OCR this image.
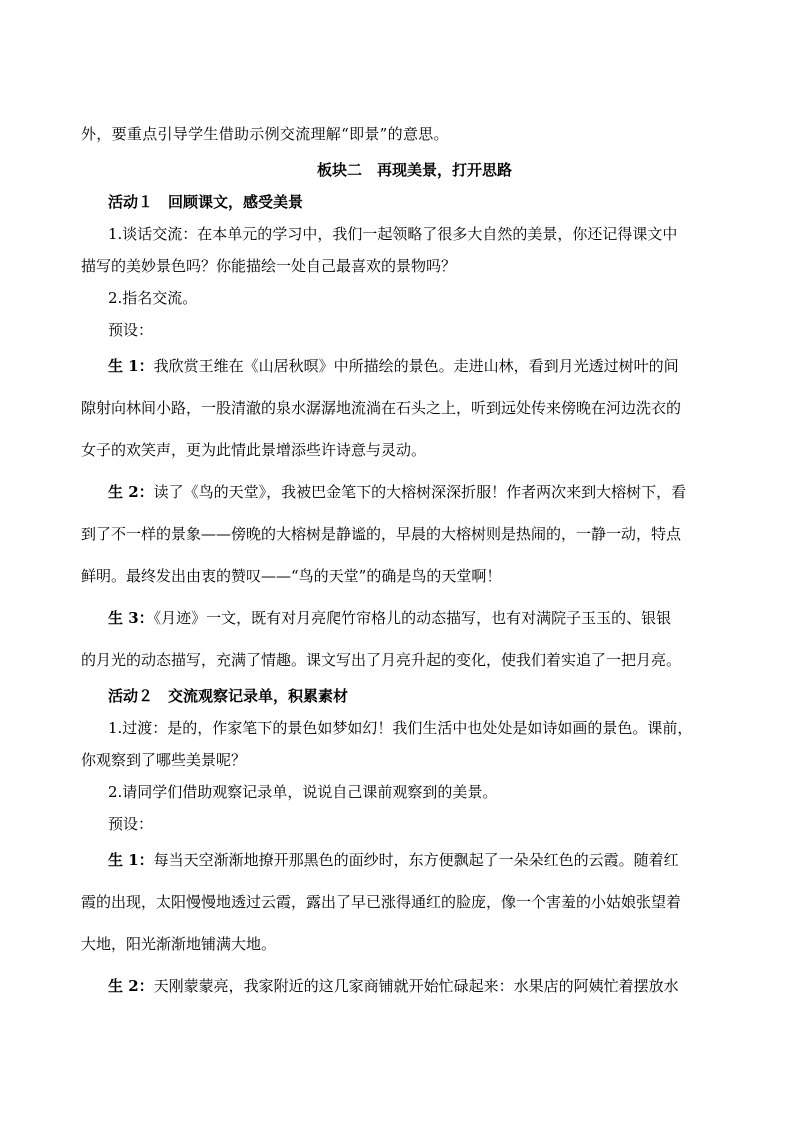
外，要重点引导学生借助示例交流理解“即景”的意思。
板块二　再现美景，打开思路
活动１　回顾课文，感受美景
1.谈话交流：在本单元的学习中，我们一起领略了很多大自然的美景，你还记得课文中
描写的美妙景色吗？你能描绘一处自己最喜欢的景物吗？
2.指名交流。
预设：
生 1：我欣赏王维在《山居秋暝》中所描绘的景色。走进山林，看到月光透过树叶的间
隙射向林间小路，一股清澈的泉水潺潺地流淌在石头之上，听到远处传来傍晚在河边洗衣的
女子的欢笑声，更为此情此景增添些许诗意与灵动。
生 2：读了《鸟的天堂》，我被巴金笔下的大榕树深深折服！作者两次来到大榕树下，看
到了不一样的景象——傍晚的大榕树是静谧的，早晨的大榕树则是热闹的，一静一动，特点
鲜明。最终发出由衷的赞叹——“鸟的天堂”的确是鸟的天堂啊！
生 3：《月迹》一文，既有对月亮爬竹帘格儿的动态描写，也有对满院子玉玉的、银银
的月光的动态描写，充满了情趣。课文写出了月亮升起的变化，使我们着实追了一把月亮。
活动２　交流观察记录单，积累素材
1.过渡：是的，作家笔下的景色如梦如幻！我们生活中也处处是如诗如画的景色。课前，
你观察到了哪些美景呢？
2.请同学们借助观察记录单，说说自己课前观察到的美景。
预设：
生 1：每当天空渐渐地撩开那黑色的面纱时，东方便飘起了一朵朵红色的云霞。随着红
霞的出现，太阳慢慢地透过云霞，露出了早已涨得通红的脸庞，像一个害羞的小姑娘张望着
大地，阳光渐渐地铺满大地。
生 2：天刚蒙蒙亮，我家附近的这几家商铺就开始忙碌起来：水果店的阿姨忙着摆放水
